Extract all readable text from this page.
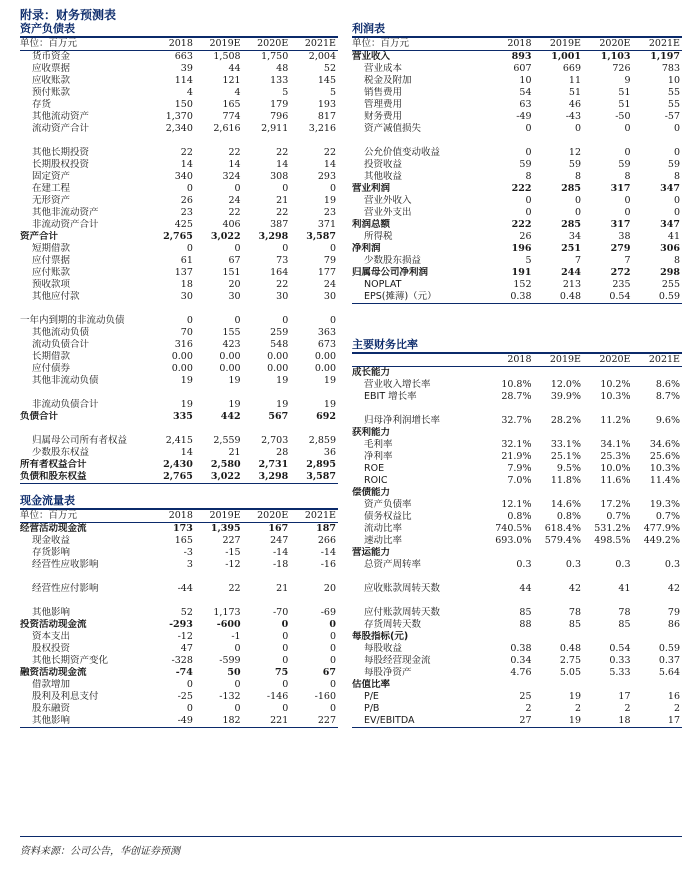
附录：财务预测表
资产负债表
单位：百万元	2018	2019E	2020E	2021E
货币资金	663	1,508	1,750	2,004
应收票据	39	44	48	52
应收账款	114	121	133	145
预付账款	4	4	5	5
存货	150	165	179	193
其他流动资产	1,370	774	796	817
流动资产合计	2,340	2,616	2,911	3,216

其他长期投资	22	22	22	22
长期股权投资	14	14	14	14
固定资产	340	324	308	293
在建工程	0	0	0	0
无形资产	26	24	21	19
其他非流动资产	23	22	22	23
非流动资产合计	425	406	387	371
资产合计	2,765	3,022	3,298	3,587
短期借款	0	0	0	0
应付票据	61	67	73	79
应付账款	137	151	164	177
预收款项	18	20	22	24
其他应付款	30	30	30	30
一年内到期的非流动负债	0	0	0	0
其他流动负债	70	155	259	363
流动负债合计	316	423	548	673
长期借款	0.00	0.00	0.00	0.00
应付债券	0.00	0.00	0.00	0.00
其他非流动负债	19	19	19	19

非流动负债合计	19	19	19	19
负债合计	335	442	567	692
归属母公司所有者权益	2,415	2,559	2,703	2,859
少数股东权益	14	21	28	36
所有者权益合计	2,430	2,580	2,731	2,895
负债和股东权益	2,765	3,022	3,298	3,587
现金流量表
单位：百万元	2018	2019E	2020E	2021E
经营活动现金流	173	1,395	167	187
现金收益	165	227	247	266
存货影响	-3	-15	-14	-14
经营性应收影响	3	-12	-18	-16

经营性应付影响	-44	22	21	20

其他影响	52	1,173	-70	-69
投资活动现金流	-293	-600	0	0
资本支出	-12	-1	0	0
股权投资	47	0	0	0
其他长期资产变化	-328	-599	0	0
融资活动现金流	-74	50	75	67
借款增加	0	0	0	0
股利及利息支付	-25	-132	-146	-160
股东融资	0	0	0	0
其他影响	-49	182	221	227
利润表
单位：百万元	2018	2019E	2020E	2021E
营业收入	893	1,001	1,103	1,197
营业成本	607	669	726	783
税金及附加	10	11	9	10
销售费用	54	51	51	55
管理费用	63	46	51	55
财务费用	-49	-43	-50	-57
资产减值损失	0	0	0	0
公允价值变动收益	0	12	0	0
投资收益	59	59	59	59
其他收益	8	8	8	8
营业利润	222	285	317	347
营业外收入	0	0	0	0
营业外支出	0	0	0	0
利润总额	222	285	317	347
所得税	26	34	38	41
净利润	196	251	279	306
少数股东损益	5	7	7	8
归属母公司净利润	191	244	272	298
NOPLAT	152	213	235	255
EPS(摊薄)（元）	0.38	0.48	0.54	0.59
主要财务比率
	2018	2019E	2020E	2021E
成长能力				
营业收入增长率	10.8%	12.0%	10.2%	8.6%
EBIT 增长率	28.7%	39.9%	10.3%	8.7%
归母净利润增长率	32.7%	28.2%	11.2%	9.6%
获利能力				
毛利率	32.1%	33.1%	34.1%	34.6%
净利率	21.9%	25.1%	25.3%	25.6%
ROE	7.9%	9.5%	10.0%	10.3%
ROIC	7.0%	11.8%	11.6%	11.4%
偿债能力				
资产负债率	12.1%	14.6%	17.2%	19.3%
债务权益比	0.8%	0.8%	0.7%	0.7%
流动比率	740.5%	618.4%	531.2%	477.9%
速动比率	693.0%	579.4%	498.5%	449.2%
营运能力				
总资产周转率	0.3	0.3	0.3	0.3
应收账款周转天数	44	42	41	42
应付账款周转天数	85	78	78	79
存货周转天数	88	85	85	86
每股指标(元)				
每股收益	0.38	0.48	0.54	0.59
每股经营现金流	0.34	2.75	0.33	0.37
每股净资产	4.76	5.05	5.33	5.64
估值比率				
P/E	25	19	17	16
P/B	2	2	2	2
EV/EBITDA	27	19	18	17
资料来源：公司公告，华创证券预测
